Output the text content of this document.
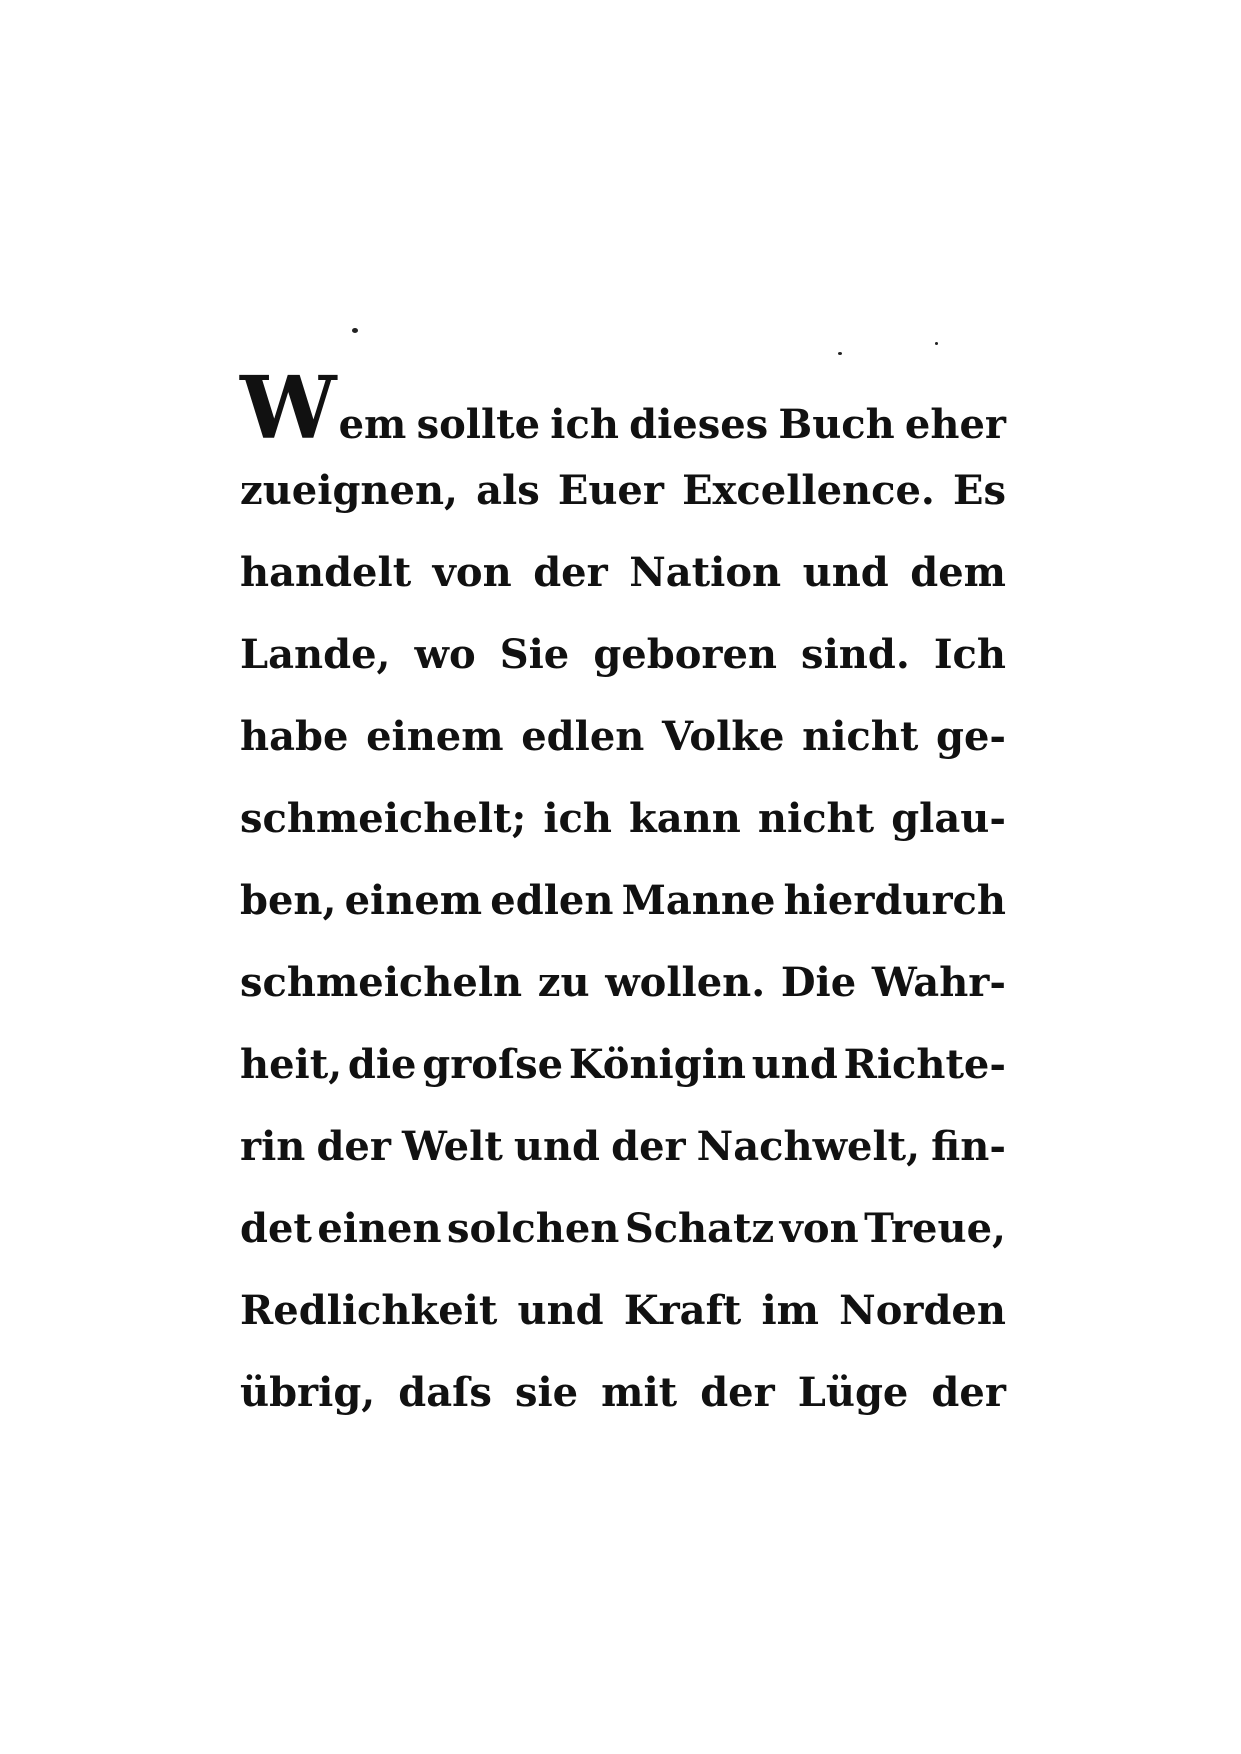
W em sollte ich dieses Buch eher
zueignen, als Euer Excellence. Es
handelt von der Nation und dem
Lande, wo Sie geboren sind. Ich
habe einem edlen Volke nicht ge-
schmeichelt; ich kann nicht glau-
ben, einem edlen Manne hierdurch
schmeicheln zu wollen. Die Wahr-
heit, die groſse Königin und Richte-
rin der Welt und der Nachwelt, fin-
det einen solchen Schatz von Treue,
Redlichkeit und Kraft im Norden
übrig, daſs sie mit der Lüge der
